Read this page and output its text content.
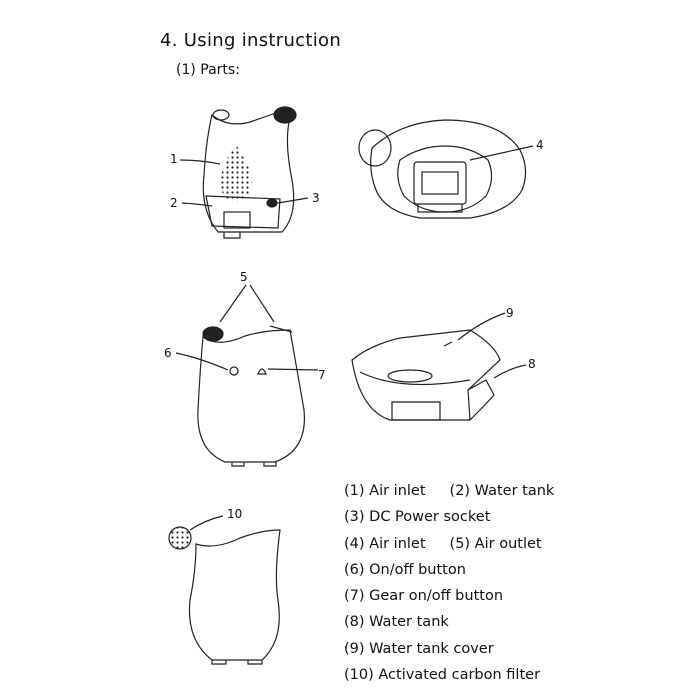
4. Using instruction
(1) Parts:
1
2	3
4
5
6
7
8
9
10
(1) Air inlet (2) Water tank
(3) DC Power socket
(4) Air inlet (5) Air outlet
(6) On/off button
(7) Gear on/off button
(8) Water tank
(9) Water tank cover
(10) Activated carbon filter
